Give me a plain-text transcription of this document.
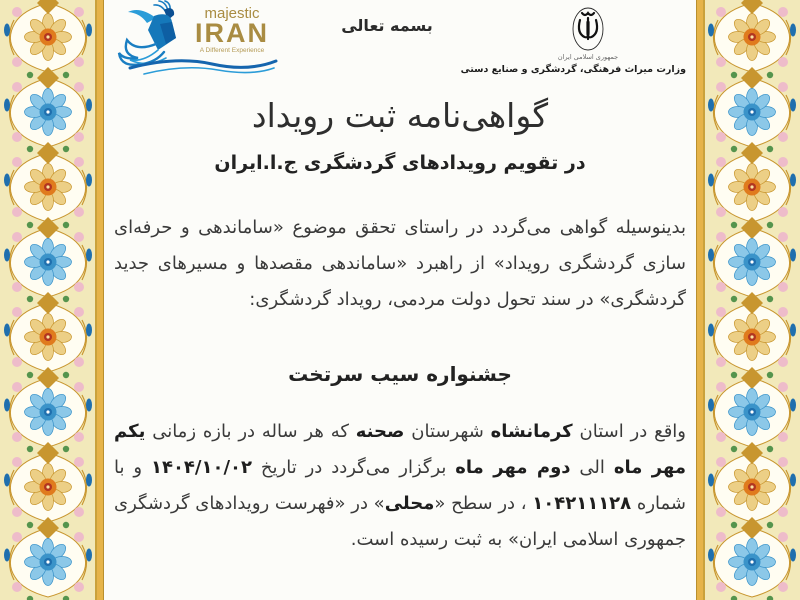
majestic
IRAN
A Different Experience
بسمه تعالی
جمهوری اسلامی ایران
وزارت میراث فرهنگی، گردشگری و صنایع دستی
گواهی‌نامه ثبت رویداد
در تقویم رویدادهای گردشگری ج.ا.ایران

بدینوسیله گواهی می‌گردد در راستای تحقق موضوع «ساماندهی و حرفه‌ای سازی گردشگری رویداد» از راهبرد «ساماندهی مقصدها و مسیرهای جدید گردشگری» در سند تحول دولت مردمی، رویداد گردشگری:

جشنواره سیب سرتخت

واقع در استان کرمانشاه شهرستان صحنه که هر ساله در بازه زمانی یکم مهر ماه الی دوم مهر ماه برگزار می‌گردد در تاریخ ۱۴۰۴/۱۰/۰۲ و با شماره ۱۰۴۲۱۱۱۲۸ ، در سطح «محلی» در «فهرست رویدادهای گردشگری جمهوری اسلامی ایران» به ثبت رسیده است.
